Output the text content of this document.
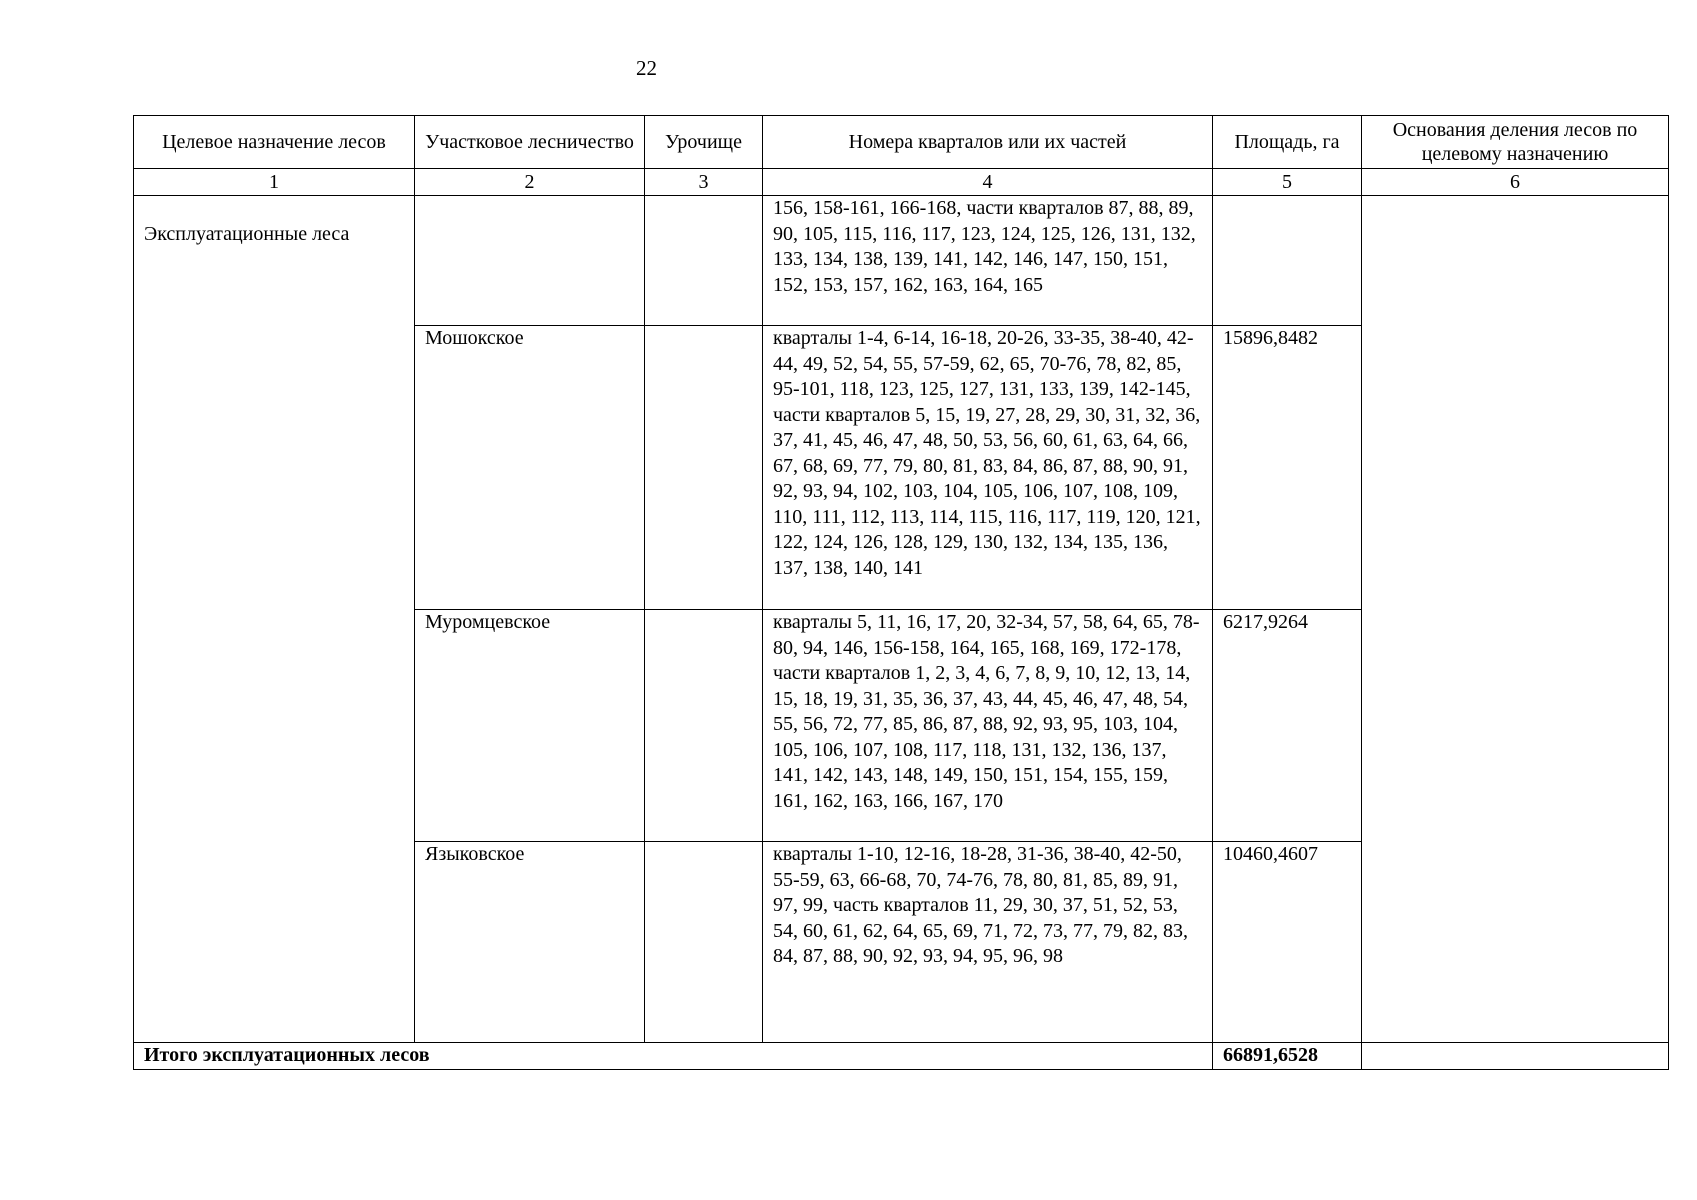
22
Целевое назначение лесов	Участковое лесничество	Урочище	Номера кварталов или их частей	Площадь, га	Основания деления лесов по целевому назначению
1	2	3	4	5	6
Эксплуатационные леса			156, 158-161, 166-168, части кварталов 87, 88, 89, 90, 105, 115, 116, 117, 123, 124, 125, 126, 131, 132, 133, 134, 138, 139, 141, 142, 146, 147, 150, 151, 152, 153, 157, 162, 163, 164, 165		
	Мошокское		кварталы 1-4, 6-14, 16-18, 20-26, 33-35, 38-40, 42-44, 49, 52, 54, 55, 57-59, 62, 65, 70-76, 78, 82, 85, 95-101, 118, 123, 125, 127, 131, 133, 139, 142-145, части кварталов 5, 15, 19, 27, 28, 29, 30, 31, 32, 36, 37, 41, 45, 46, 47, 48, 50, 53, 56, 60, 61, 63, 64, 66, 67, 68, 69, 77, 79, 80, 81, 83, 84, 86, 87, 88, 90, 91, 92, 93, 94, 102, 103, 104, 105, 106, 107, 108, 109, 110, 111, 112, 113, 114, 115, 116, 117, 119, 120, 121, 122, 124, 126, 128, 129, 130, 132, 134, 135, 136, 137, 138, 140, 141	15896,8482	
	Муромцевское		кварталы 5, 11, 16, 17, 20, 32-34, 57, 58, 64, 65, 78-80, 94, 146, 156-158, 164, 165, 168, 169, 172-178, части кварталов 1, 2, 3, 4, 6, 7, 8, 9, 10, 12, 13, 14, 15, 18, 19, 31, 35, 36, 37, 43, 44, 45, 46, 47, 48, 54, 55, 56, 72, 77, 85, 86, 87, 88, 92, 93, 95, 103, 104, 105, 106, 107, 108, 117, 118, 131, 132, 136, 137, 141, 142, 143, 148, 149, 150, 151, 154, 155, 159, 161, 162, 163, 166, 167, 170	6217,9264	
	Языковское		кварталы 1-10, 12-16, 18-28, 31-36, 38-40, 42-50, 55-59, 63, 66-68, 70, 74-76, 78, 80, 81, 85, 89, 91, 97, 99, часть кварталов 11, 29, 30, 37, 51, 52, 53, 54, 60, 61, 62, 64, 65, 69, 71, 72, 73, 77, 79, 82, 83, 84, 87, 88, 90, 92, 93, 94, 95, 96, 98	10460,4607	
Итого эксплуатационных лесов				66891,6528	
